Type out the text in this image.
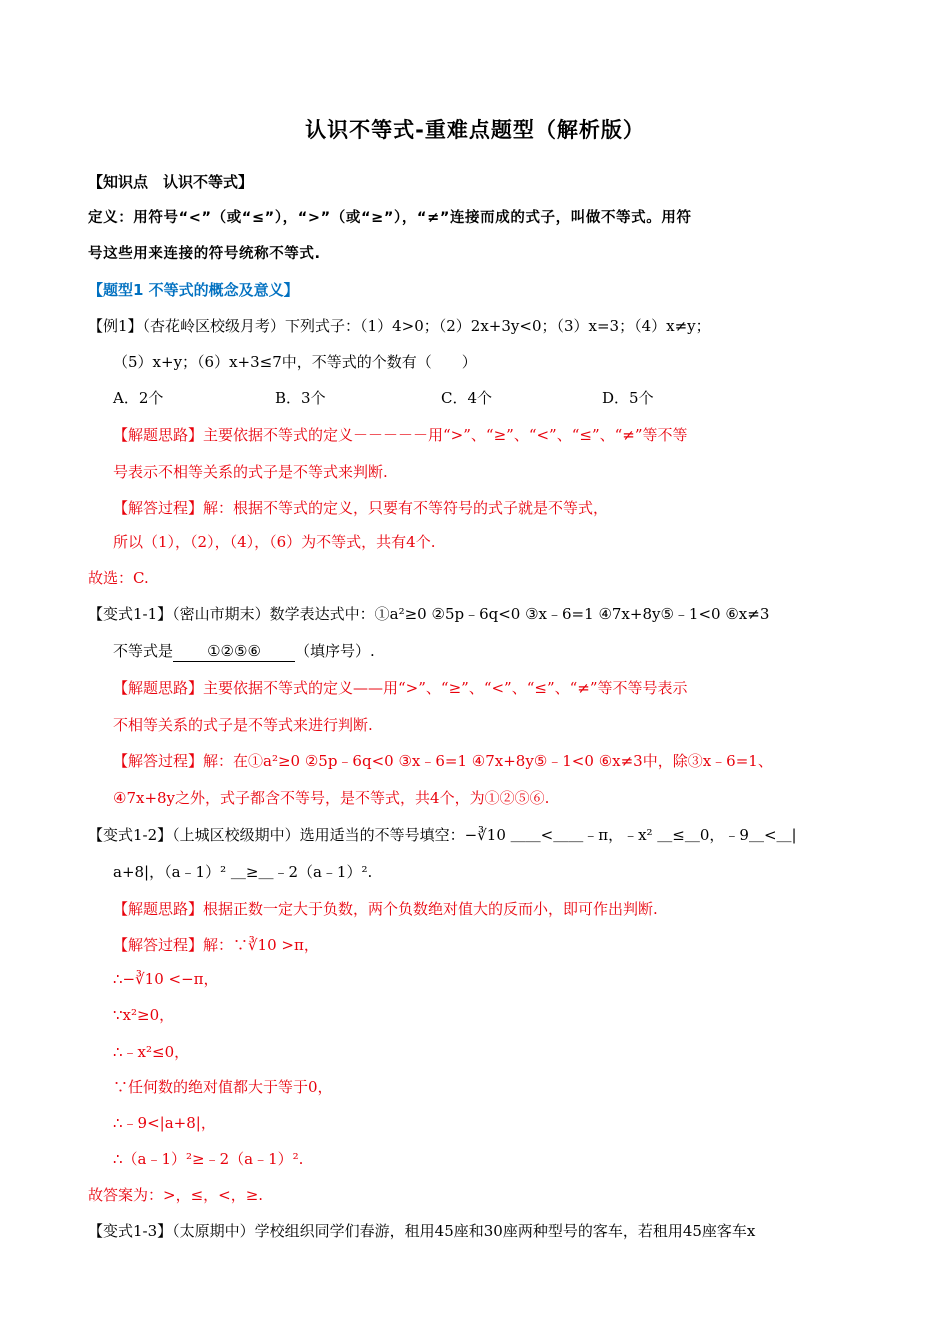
认识不等式-重难点题型（解析版）
【知识点　认识不等式】
定义：用符号“<”（或“≤”），“>”（或“≥”），“≠”连接而成的式子，叫做不等式。用符
号这些用来连接的符号统称不等式.
【题型1 不等式的概念及意义】
【例1】（杏花岭区校级月考）下列式子：（1）4>0；（2）2x+3y<0；（3）x=3；（4）x≠y；
（5）x+y；（6）x+3≤7中，不等式的个数有（　　）
A．2个	B．3个	C．4个	D．5个
【解题思路】主要依据不等式的定义－－－－－用“>”、“≥”、“<”、“≤”、“≠”等不等
号表示不相等关系的式子是不等式来判断.
【解答过程】解：根据不等式的定义，只要有不等符号的式子就是不等式，
所以（1），（2），（4），（6）为不等式，共有4个.
故选：C.
【变式1-1】（密山市期末）数学表达式中：①a²≥0 ②5p﹣6q<0 ③x﹣6=1 ④7x+8y⑤﹣1<0 ⑥x≠3
不等式是 ①②⑤⑥ （填序号）.
【解题思路】主要依据不等式的定义——用“>”、“≥”、“<”、“≤”、“≠”等不等号表示
不相等关系的式子是不等式来进行判断.
【解答过程】解：在①a²≥0 ②5p﹣6q<0 ③x﹣6=1 ④7x+8y⑤﹣1<0 ⑥x≠3中，除③x﹣6=1、
④7x+8y之外，式子都含不等号，是不等式，共4个，为①②⑤⑥.
【变式1-2】（上城区校级期中）选用适当的不等号填空：−∛10 ＿＿<＿＿﹣π，﹣x² ＿≤＿0，﹣9＿<＿|
a+8|，（a﹣1）² ＿≥＿﹣2（a﹣1）².
【解题思路】根据正数一定大于负数，两个负数绝对值大的反而小，即可作出判断.
【解答过程】解：∵∛10 >π，
∴−∛10 <−π，
∵x²≥0，
∴﹣x²≤0，
∵任何数的绝对值都大于等于0，
∴﹣9<|a+8|，
∴（a﹣1）²≥﹣2（a﹣1）².
故答案为：>，≤，<，≥.
【变式1-3】（太原期中）学校组织同学们春游，租用45座和30座两种型号的客车，若租用45座客车x
